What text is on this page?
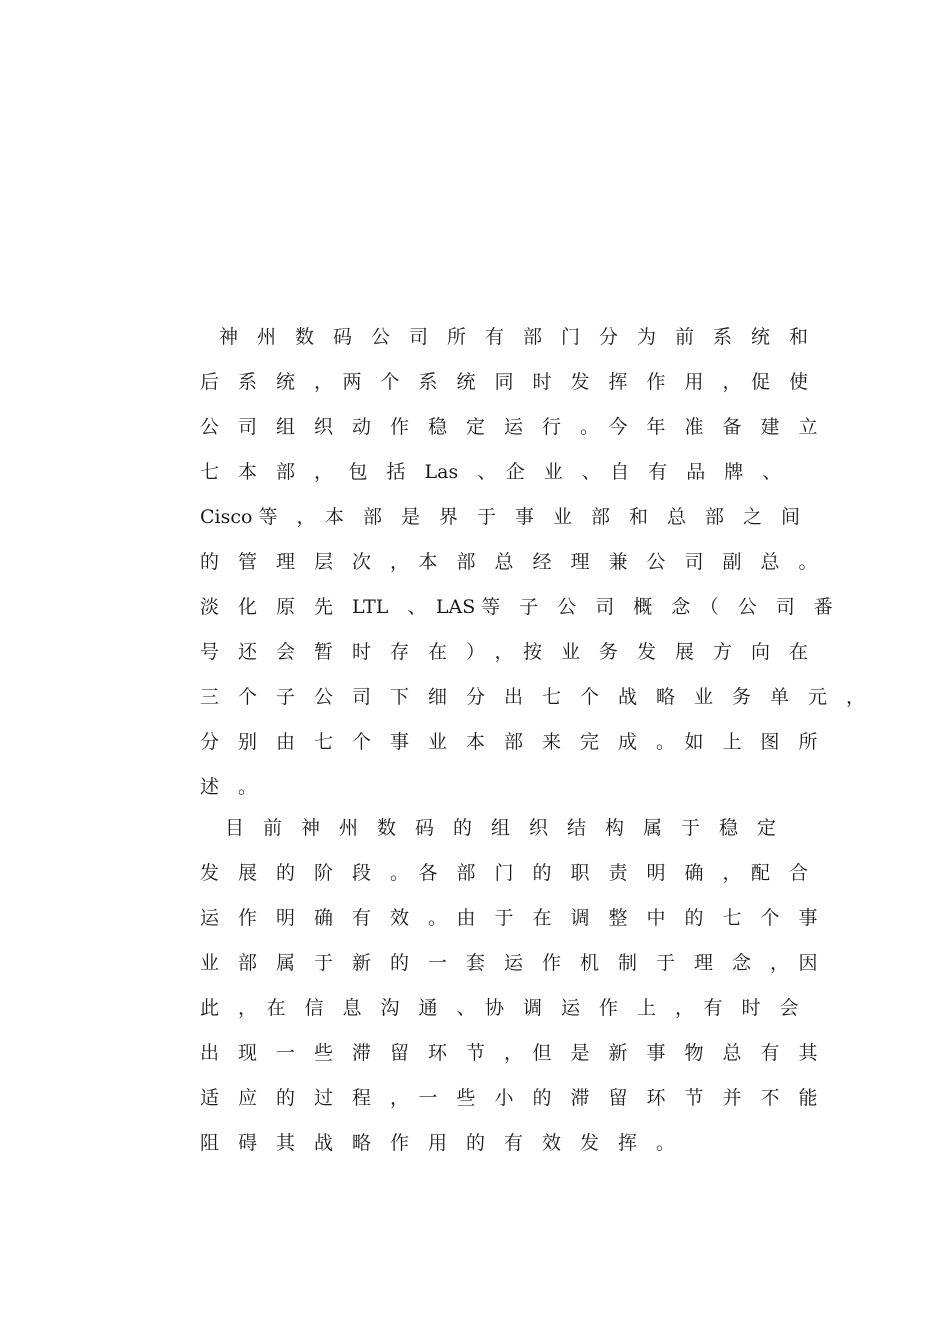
　神　州　数　码　公　司　所　有　部　门　分　为　前　系　统　和
后　系　统　，　两　个　系　统　同　时　发　挥　作　用　，　促　使
公　司　组　织　动　作　稳　定　运　行　。　今　年　准　备　建　立
七　本　部　，　 包　括　Las　、　企　业　、　自　有　品　牌　、
Cisco 等　，　本　部　是　界　于　事　业　部　和　总　部　之　间
的　管　理　层　次　，　本　部　总　经　理　兼　公　司　副　总　。
淡　化　原　先　LTL　、　LAS 等　子　公　司　概　念　（　公　司　番
号　还　会　暂　时　存　在　）　，　按　业　务　发　展　方　向　在
三　个　子　公　司　下　细　分　出　七　个　战　略　业　务　单　元　，
分　别　由　七　个　事　业　本　部　来　完　成　。　如　上　图　所
述　。
　 目　前　神　州　数　码　的　组　织　结　构　属　于　稳　定
发　展　的　阶　段　。　各　部　门　的　职　责　明　确　，　配　合
运　作　明　确　有　效　。　由　于　在　调　整　中　的　七　个　事
业　部　属　于　新　的　一　套　运　作　机　制　于　理　念　，　因
此　，　在　信　息　沟　通　、　协　调　运　作　上　，　有　时　会
出　现　一　些　滞　留　环　节　，　但　是　新　事　物　总　有　其
适　应　的　过　程　，　一　些　小　的　滞　留　环　节　并　不　能
阻　碍　其　战　略　作　用　的　有　效　发　挥　。
